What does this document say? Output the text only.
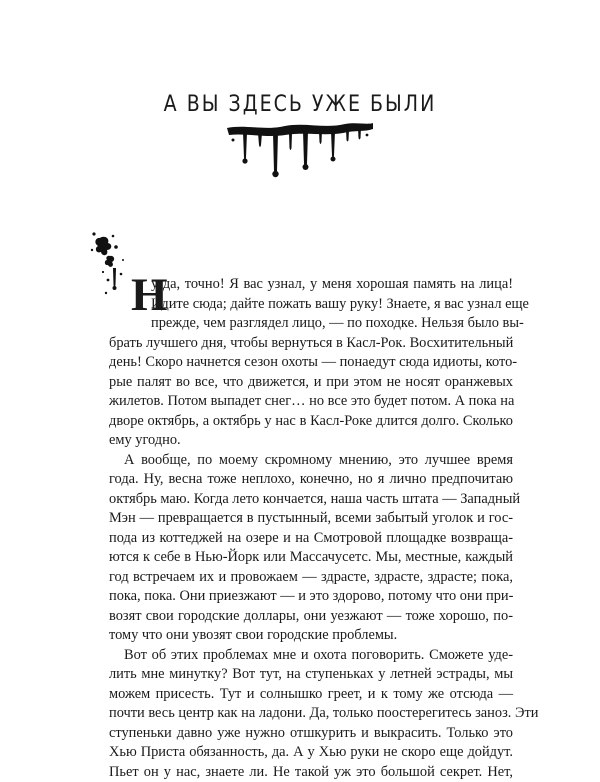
А ВЫ ЗДЕСЬ УЖЕ БЫЛИ
Н
у да, точно! Я вас узнал, у меня хорошая память на лица!
Идите сюда; дайте пожать вашу руку! Знаете, я вас узнал еще
прежде, чем разглядел лицо, — по походке. Нельзя было вы-
брать лучшего дня, чтобы вернуться в Касл-Рок. Восхитительный
день! Скоро начнется сезон охоты — понаедут сюда идиоты, кото-
рые палят во все, что движется, и при этом не носят оранжевых
жилетов. Потом выпадет снег… но все это будет потом. А пока на
дворе октябрь, а октябрь у нас в Касл-Роке длится долго. Сколько
ему угодно.
А вообще, по моему скромному мнению, это лучшее время
года. Ну, весна тоже неплохо, конечно, но я лично предпочитаю
октябрь маю. Когда лето кончается, наша часть штата — Западный
Мэн — превращается в пустынный, всеми забытый уголок и гос-
пода из коттеджей на озере и на Смотровой площадке возвраща-
ются к себе в Нью-Йорк или Массачусетс. Мы, местные, каждый
год встречаем их и провожаем — здрасте, здрасте, здрасте; пока,
пока, пока. Они приезжают — и это здорово, потому что они при-
возят свои городские доллары, они уезжают — тоже хорошо, по-
тому что они увозят свои городские проблемы.
Вот об этих проблемах мне и охота поговорить. Сможете уде-
лить мне минутку? Вот тут, на ступеньках у летней эстрады, мы
можем присесть. Тут и солнышко греет, и к тому же отсюда —
почти весь центр как на ладони. Да, только поостерегитесь заноз. Эти
ступеньки давно уже нужно отшкурить и выкрасить. Только это
Хью Приста обязанность, да. А у Хью руки не скоро еще дойдут.
Пьет он у нас, знаете ли. Не такой уж это большой секрет. Нет,
